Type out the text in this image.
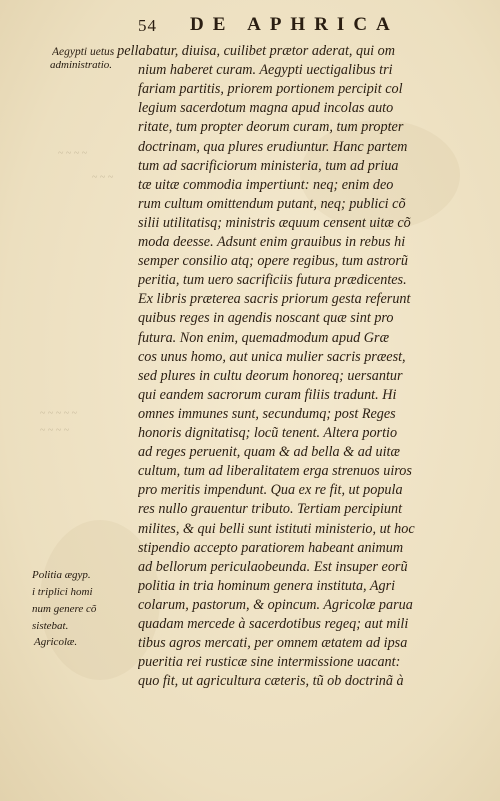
54 DE APHRICA
~ ~ ~ ~
~ ~ ~
~ ~ ~ ~ ~
~ ~ ~ ~
administratio.
Politia ægyp.
i triplici homi
num genere cõ
sistebat.
Agricolæ.
Aegypti uetus pellabatur, diuisa, cuilibet prætor aderat, qui om
nium haberet curam. Aegypti uectigalibus tri
fariam partitis, priorem portionem percipit col
legium sacerdotum magna apud incolas auto
ritate, tum propter deorum curam, tum propter
doctrinam, qua plures erudiuntur. Hanc partem
tum ad sacrificiorum ministeria, tum ad priua
tæ uitæ commodia impertiunt: neq; enim deo
rum cultum omittendum putant, neq; publici cõ
silii utilitatisq; ministris æquum censent uitæ cõ
moda deesse. Adsunt enim grauibus in rebus hi
semper consilio atq; opere regibus, tum astrorũ
peritia, tum uero sacrificiis futura prædicentes.
Ex libris præterea sacris priorum gesta referunt
quibus reges in agendis noscant quæ sint pro
futura. Non enim, quemadmodum apud Græ
cos unus homo, aut unica mulier sacris præest,
sed plures in cultu deorum honoreq; uersantur
qui eandem sacrorum curam filiis tradunt. Hi
omnes immunes sunt, secundumq; post Reges
honoris dignitatisq; locũ tenent. Altera portio
ad reges peruenit, quam & ad bella & ad uitæ
cultum, tum ad liberalitatem erga strenuos uiros
pro meritis impendunt. Qua ex re fit, ut popula
res nullo grauentur tributo. Tertiam percipiunt
milites, & qui belli sunt istituti ministerio, ut hoc
stipendio accepto paratiorem habeant animum
ad bellorum periculaobeunda. Est insuper eorũ
politia in tria hominum genera instituta, Agri
colarum, pastorum, & opincum. Agricolæ parua
quadam mercede à sacerdotibus regeq; aut mili
tibus agros mercati, per omnem ætatem ad ipsa
pueritia rei rusticæ sine intermissione uacant:
quo fit, ut agricultura cæteris, tũ ob doctrinã à
